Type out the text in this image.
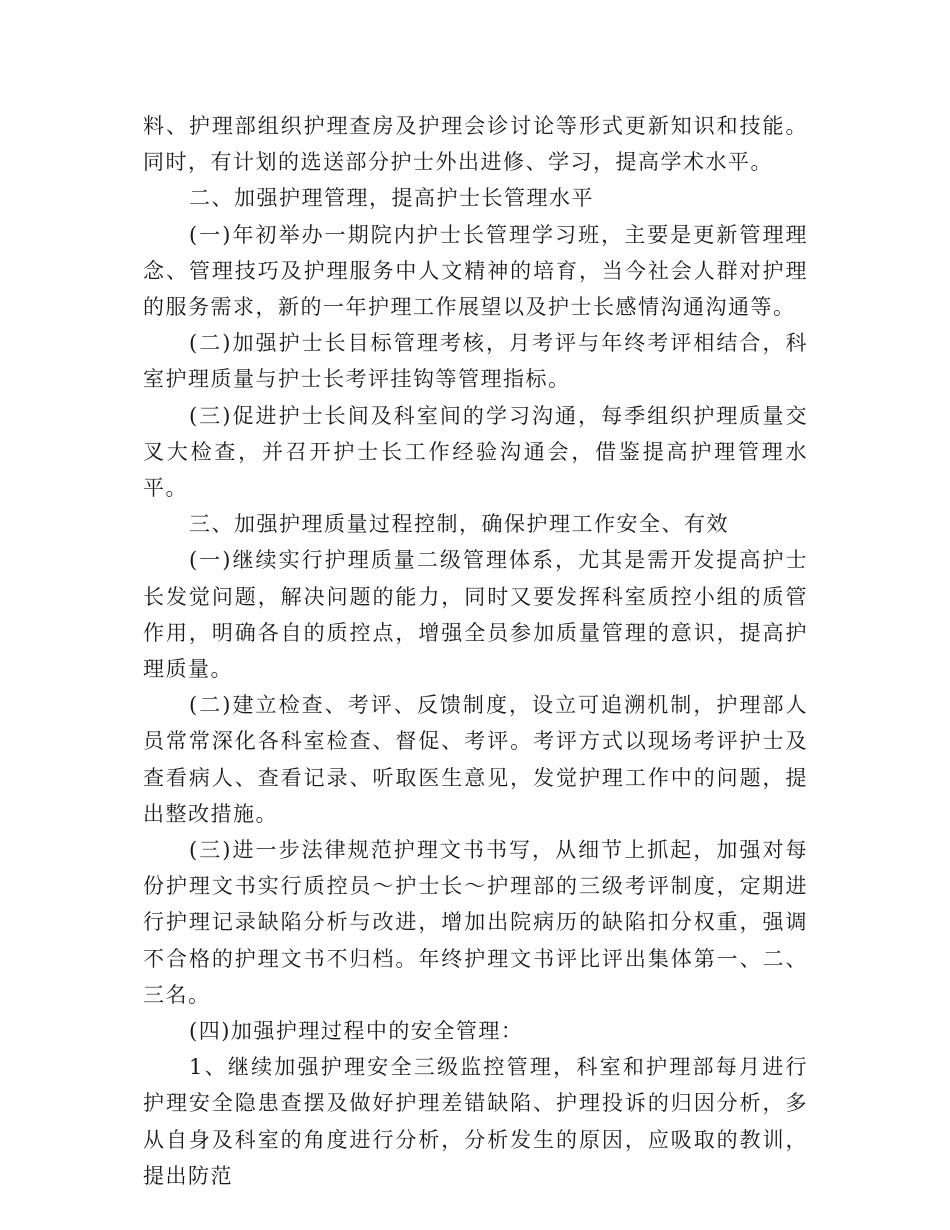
料、护理部组织护理查房及护理会诊讨论等形式更新知识和技能。同时，有计划的选送部分护士外出进修、学习，提高学术水平。

二、加强护理管理，提高护士长管理水平

(一)年初举办一期院内护士长管理学习班，主要是更新管理理念、管理技巧及护理服务中人文精神的培育，当今社会人群对护理的服务需求，新的一年护理工作展望以及护士长感情沟通沟通等。

(二)加强护士长目标管理考核，月考评与年终考评相结合，科室护理质量与护士长考评挂钩等管理指标。

(三)促进护士长间及科室间的学习沟通，每季组织护理质量交叉大检查，并召开护士长工作经验沟通会，借鉴提高护理管理水平。

三、加强护理质量过程控制，确保护理工作安全、有效

(一)继续实行护理质量二级管理体系，尤其是需开发提高护士长发觉问题，解决问题的能力，同时又要发挥科室质控小组的质管作用，明确各自的质控点，增强全员参加质量管理的意识，提高护理质量。

(二)建立检查、考评、反馈制度，设立可追溯机制，护理部人员常常深化各科室检查、督促、考评。考评方式以现场考评护士及查看病人、查看记录、听取医生意见，发觉护理工作中的问题，提出整改措施。

(三)进一步法律规范护理文书书写，从细节上抓起，加强对每份护理文书实行质控员～护士长～护理部的三级考评制度，定期进行护理记录缺陷分析与改进，增加出院病历的缺陷扣分权重，强调不合格的护理文书不归档。年终护理文书评比评出集体第一、二、三名。

(四)加强护理过程中的安全管理：

1、继续加强护理安全三级监控管理，科室和护理部每月进行护理安全隐患查摆及做好护理差错缺陷、护理投诉的归因分析，多从自身及科室的角度进行分析，分析发生的原因，应吸取的教训，提出防范
